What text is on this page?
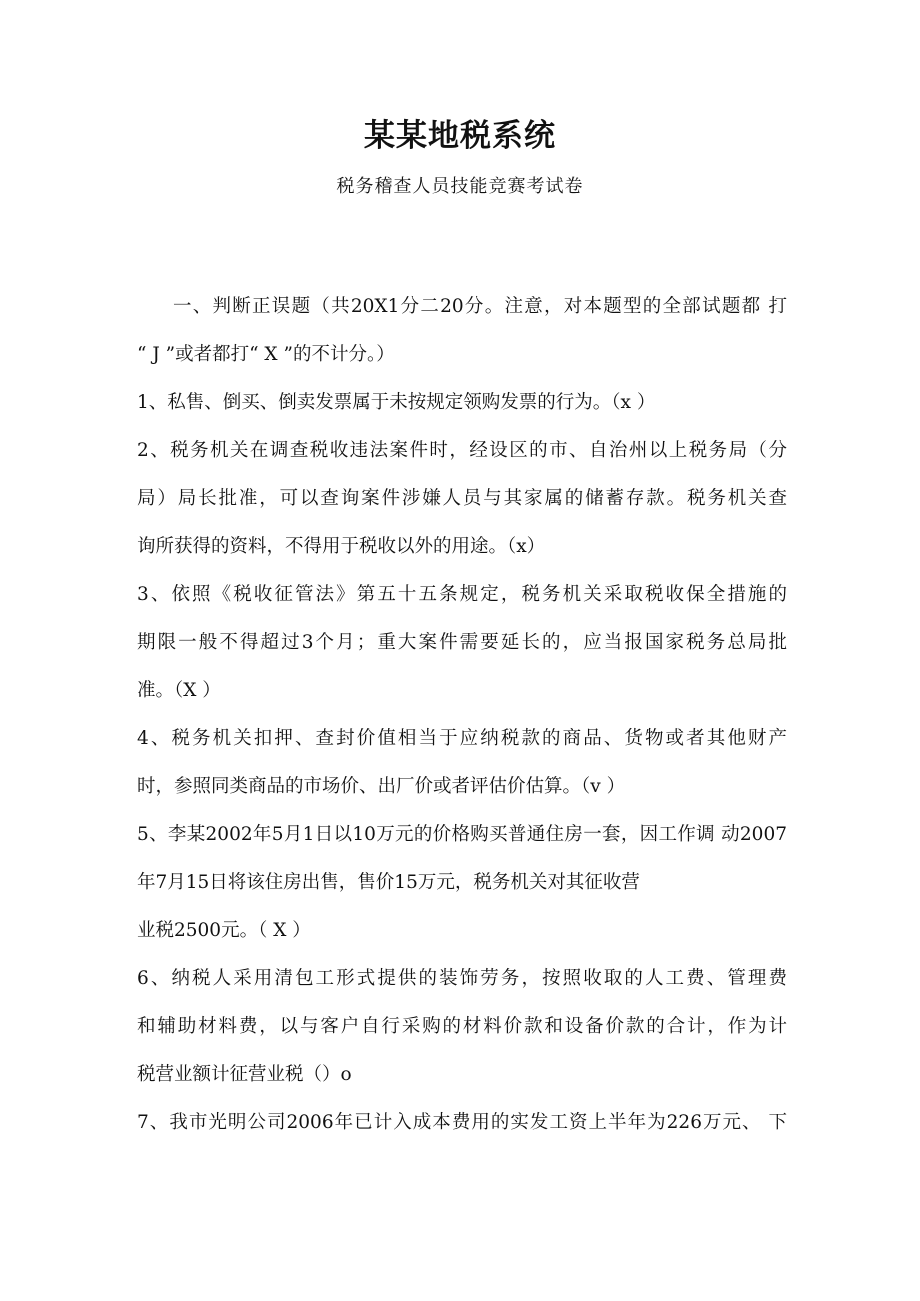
某某地税系统
税务稽查人员技能竞赛考试卷
一、判断正误题（共20X1分二20分。注意，对本题型的全部试题都 打
“ J ”或者都打“ X ”的不计分。）
1、私售、倒买、倒卖发票属于未按规定领购发票的行为。（x ）
2、税务机关在调查税收违法案件时，经设区的市、自治州以上税务局（分
局）局长批准，可以查询案件涉嫌人员与其家属的储蓄存款。税务机关查
询所获得的资料，不得用于税收以外的用途。（x）
3、依照《税收征管法》第五十五条规定，税务机关采取税收保全措施的
期限一般不得超过3个月；重大案件需要延长的，应当报国家税务总局批
准。（X ）
4、税务机关扣押、查封价值相当于应纳税款的商品、货物或者其他财产
时，参照同类商品的市场价、出厂价或者评估价估算。（v ）
5、李某2002年5月1日以10万元的价格购买普通住房一套，因工作调 动2007
年7月15日将该住房出售，售价15万元，税务机关对其征收营
业税2500元。（ X ）
6、纳税人采用清包工形式提供的装饰劳务，按照收取的人工费、管理费
和辅助材料费，以与客户自行采购的材料价款和设备价款的合计，作为计
税营业额计征营业税（）o
7、我市光明公司2006年已计入成本费用的实发工资上半年为226万元、 下
